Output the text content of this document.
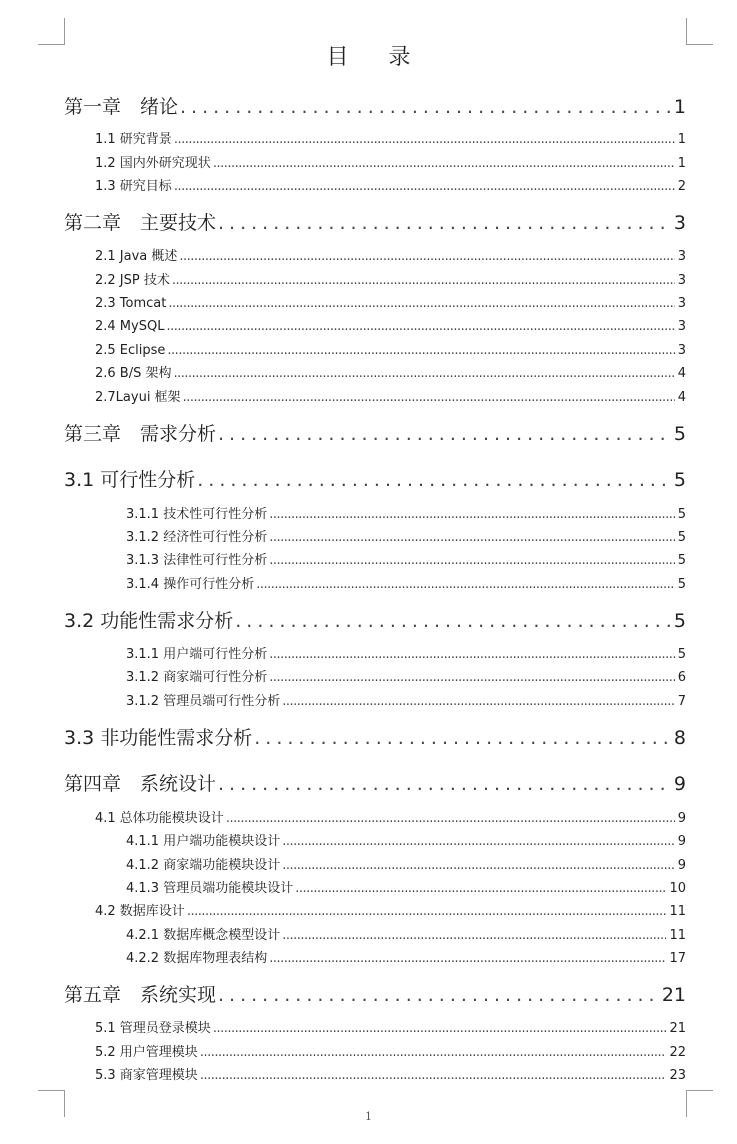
目录
第一章　绪论 .....	1
1.1 研究背景 .....	1
1.2 国内外研究现状 .....	1
1.3 研究目标 .....	2
第二章　主要技术 .....	3
2.1 Java 概述 .....	3
2.2 JSP 技术 .....	3
2.3 Tomcat .....	3
2.4 MySQL .....	3
2.5 Eclipse .....	3
2.6 B/S 架构 .....	4
2.7Layui 框架 .....	4
第三章　需求分析 .....	5
3.1 可行性分析 .....	5
3.1.1 技术性可行性分析 .....	5
3.1.2 经济性可行性分析 .....	5
3.1.3 法律性可行性分析 .....	5
3.1.4 操作可行性分析 .....	5
3.2 功能性需求分析 .....	5
3.1.1 用户端可行性分析 .....	5
3.1.2 商家端可行性分析 .....	6
3.1.2 管理员端可行性分析 .....	7
3.3 非功能性需求分析 .....	8
第四章　系统设计 .....	9
4.1 总体功能模块设计 .....	9
4.1.1 用户端功能模块设计 .....	9
4.1.2 商家端功能模块设计 .....	9
4.1.3 管理员端功能模块设计 .....	10
4.2 数据库设计 .....	11
4.2.1 数据库概念模型设计 .....	11
4.2.2 数据库物理表结构 .....	17
第五章　系统实现 .....	21
5.1 管理员登录模块 .....	21
5.2 用户管理模块 .....	22
5.3 商家管理模块 .....	23
1
